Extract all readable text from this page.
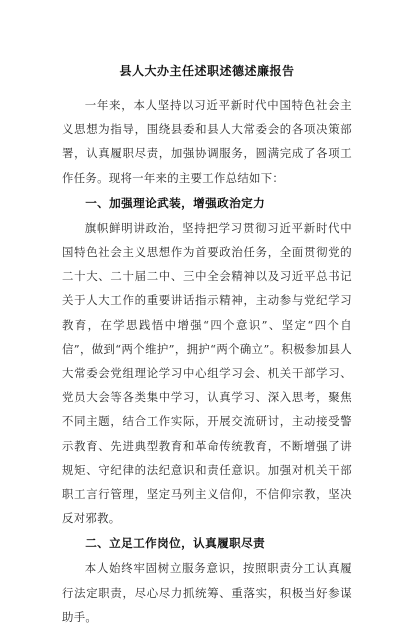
县人大办主任述职述德述廉报告

一年来，本人坚持以习近平新时代中国特色社会主义思想为指导，围绕县委和县人大常委会的各项决策部署，认真履职尽责，加强协调服务，圆满完成了各项工作任务。现将一年来的主要工作总结如下：

一、加强理论武装，增强政治定力

旗帜鲜明讲政治，坚持把学习贯彻习近平新时代中国特色社会主义思想作为首要政治任务，全面贯彻党的二十大、二十届二中、三中全会精神以及习近平总书记关于人大工作的重要讲话指示精神，主动参与党纪学习教育，在学思践悟中增强“四个意识”、坚定“四个自信”，做到“两个维护”，拥护“两个确立”。积极参加县人大常委会党组理论学习中心组学习会、机关干部学习、党员大会等各类集中学习，认真学习、深入思考，聚焦不同主题，结合工作实际，开展交流研讨，主动接受警示教育、先进典型教育和革命传统教育，不断增强了讲规矩、守纪律的法纪意识和责任意识。加强对机关干部职工言行管理，坚定马列主义信仰，不信仰宗教，坚决反对邪教。

二、立足工作岗位，认真履职尽责

本人始终牢固树立服务意识，按照职责分工认真履行法定职责，尽心尽力抓统筹、重落实，积极当好参谋助手。
